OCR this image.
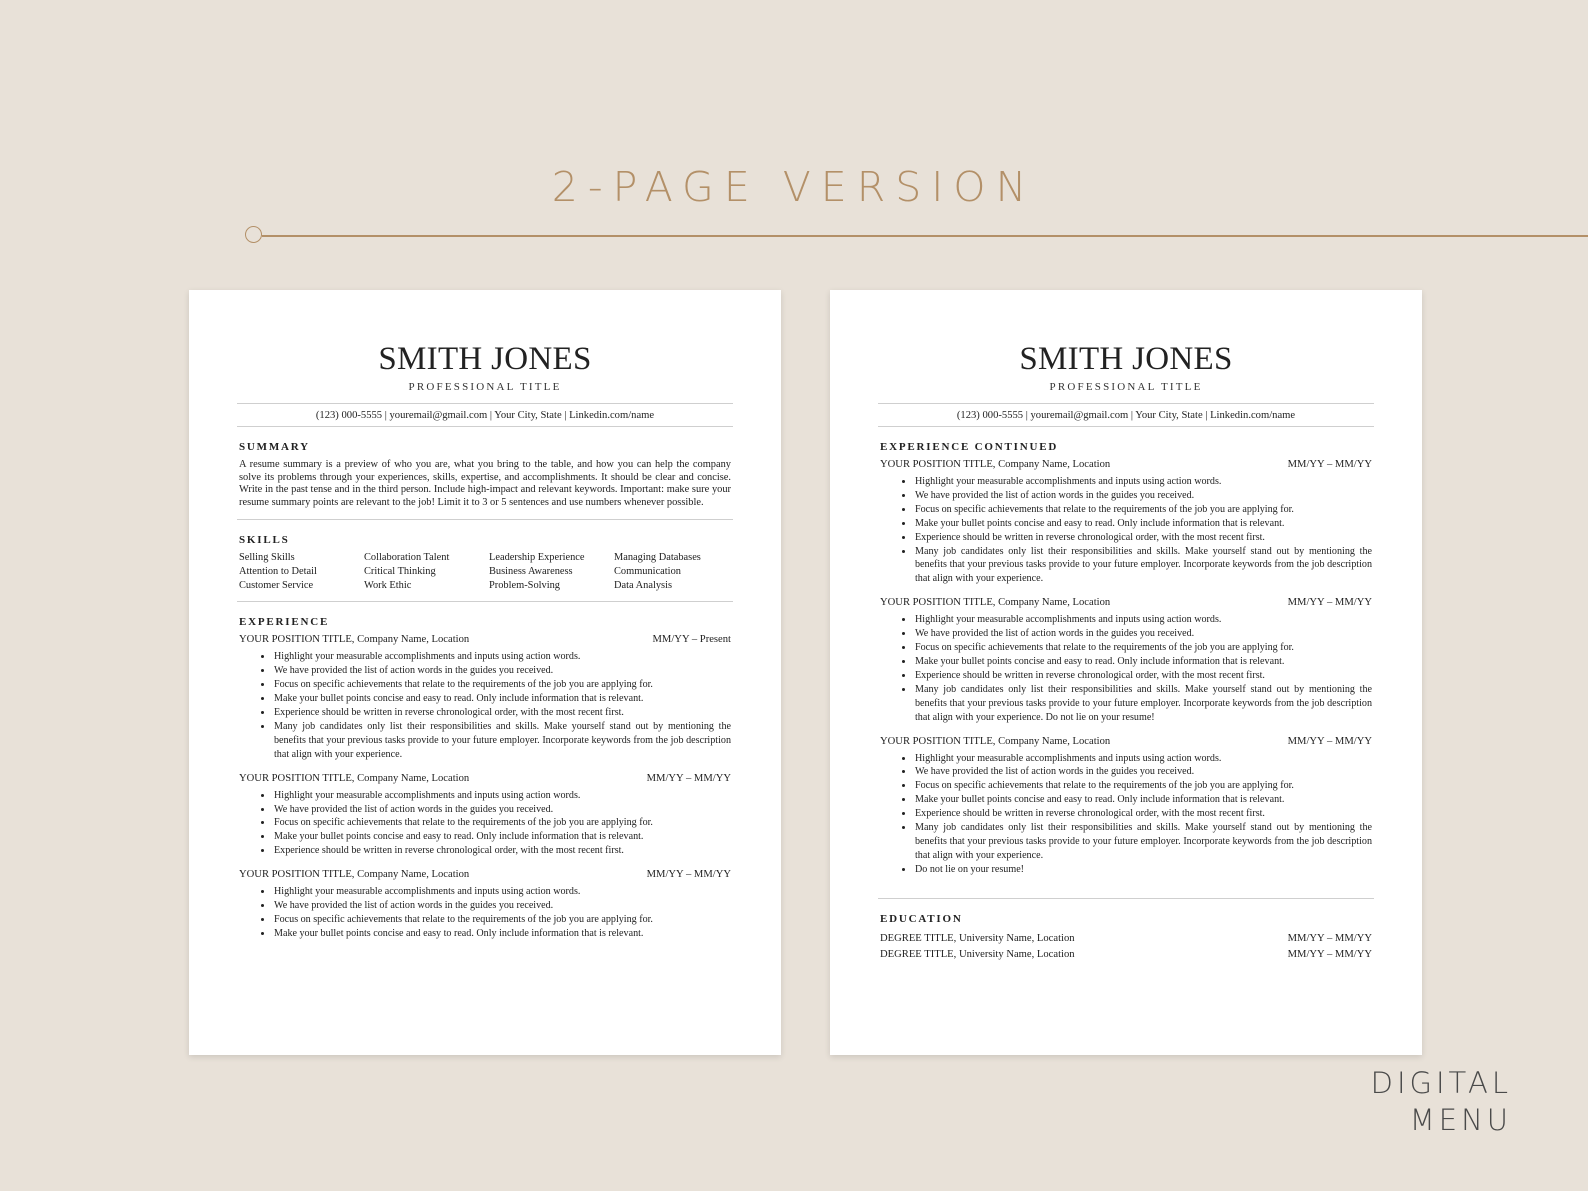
2-PAGE VERSION
SMITH JONES
PROFESSIONAL TITLE
(123) 000-5555 | youremail@gmail.com | Your City, State | Linkedin.com/name
SUMMARY
A resume summary is a preview of who you are, what you bring to the table, and how you can help the company solve its problems through your experiences, skills, expertise, and accomplishments. It should be clear and concise. Write in the past tense and in the third person. Include high-impact and relevant keywords. Important: make sure your resume summary points are relevant to the job! Limit it to 3 or 5 sentences and use numbers whenever possible.
SKILLS
Selling Skills	Collaboration Talent	Leadership Experience	Managing Databases
Attention to Detail	Critical Thinking	Business Awareness	Communication
Customer Service	Work Ethic	Problem-Solving	Data Analysis
EXPERIENCE
YOUR POSITION TITLE, Company Name, Location	MM/YY – Present
• Highlight your measurable accomplishments and inputs using action words.
• We have provided the list of action words in the guides you received.
• Focus on specific achievements that relate to the requirements of the job you are applying for.
• Make your bullet points concise and easy to read. Only include information that is relevant.
• Experience should be written in reverse chronological order, with the most recent first.
• Many job candidates only list their responsibilities and skills. Make yourself stand out by mentioning the benefits that your previous tasks provide to your future employer. Incorporate keywords from the job description that align with your experience.
YOUR POSITION TITLE, Company Name, Location	MM/YY – MM/YY
• Highlight your measurable accomplishments and inputs using action words.
• We have provided the list of action words in the guides you received.
• Focus on specific achievements that relate to the requirements of the job you are applying for.
• Make your bullet points concise and easy to read. Only include information that is relevant.
• Experience should be written in reverse chronological order, with the most recent first.
YOUR POSITION TITLE, Company Name, Location	MM/YY – MM/YY
• Highlight your measurable accomplishments and inputs using action words.
• We have provided the list of action words in the guides you received.
• Focus on specific achievements that relate to the requirements of the job you are applying for.
• Make your bullet points concise and easy to read. Only include information that is relevant.
SMITH JONES
PROFESSIONAL TITLE
(123) 000-5555 | youremail@gmail.com | Your City, State | Linkedin.com/name
EXPERIENCE CONTINUED
YOUR POSITION TITLE, Company Name, Location	MM/YY – MM/YY
• Highlight your measurable accomplishments and inputs using action words.
• We have provided the list of action words in the guides you received.
• Focus on specific achievements that relate to the requirements of the job you are applying for.
• Make your bullet points concise and easy to read. Only include information that is relevant.
• Experience should be written in reverse chronological order, with the most recent first.
• Many job candidates only list their responsibilities and skills. Make yourself stand out by mentioning the benefits that your previous tasks provide to your future employer. Incorporate keywords from the job description that align with your experience.
YOUR POSITION TITLE, Company Name, Location	MM/YY – MM/YY
• Highlight your measurable accomplishments and inputs using action words.
• We have provided the list of action words in the guides you received.
• Focus on specific achievements that relate to the requirements of the job you are applying for.
• Make your bullet points concise and easy to read. Only include information that is relevant.
• Experience should be written in reverse chronological order, with the most recent first.
• Many job candidates only list their responsibilities and skills. Make yourself stand out by mentioning the benefits that your previous tasks provide to your future employer. Incorporate keywords from the job description that align with your experience. Do not lie on your resume!
YOUR POSITION TITLE, Company Name, Location	MM/YY – MM/YY
• Highlight your measurable accomplishments and inputs using action words.
• We have provided the list of action words in the guides you received.
• Focus on specific achievements that relate to the requirements of the job you are applying for.
• Make your bullet points concise and easy to read. Only include information that is relevant.
• Experience should be written in reverse chronological order, with the most recent first.
• Many job candidates only list their responsibilities and skills. Make yourself stand out by mentioning the benefits that your previous tasks provide to your future employer. Incorporate keywords from the job description that align with your experience.
• Do not lie on your resume!
EDUCATION
DEGREE TITLE, University Name, Location	MM/YY – MM/YY
DEGREE TITLE, University Name, Location	MM/YY – MM/YY
DIGITAL
MENU
